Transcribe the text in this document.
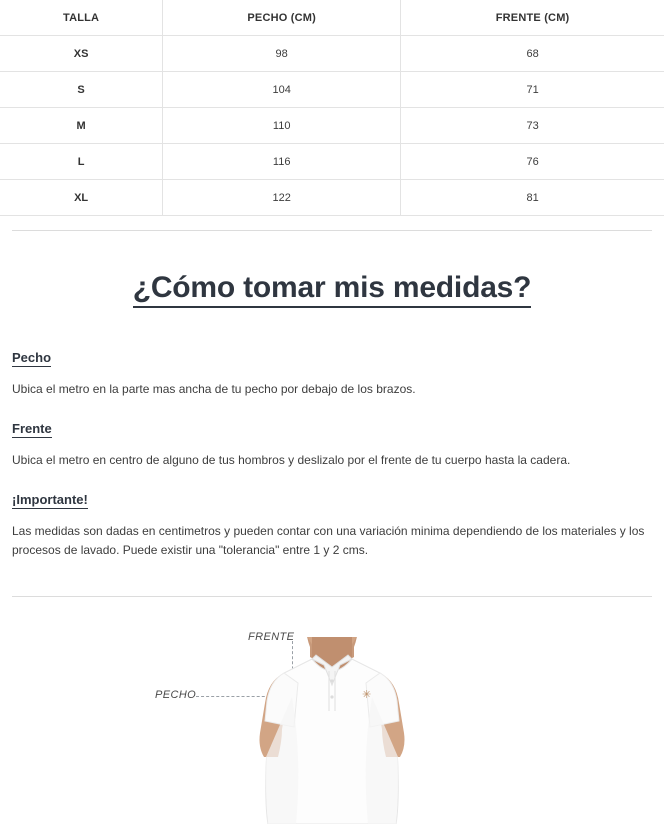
TALLA	PECHO (CM)	FRENTE (CM)
XS	98	68
S	104	71
M	110	73
L	116	76
XL	122	81
¿Cómo tomar mis medidas?
Pecho
Ubica el metro en la parte mas ancha de tu pecho por debajo de los brazos.
Frente
Ubica el metro en centro de alguno de tus hombros y deslizalo por el frente de tu cuerpo hasta la cadera.
¡Importante!
Las medidas son dadas en centimetros y pueden contar con una variación minima dependiendo de los materiales y los procesos de lavado. Puede existir una "tolerancia" entre 1 y 2 cms.
FRENTE
PECHO	✳
